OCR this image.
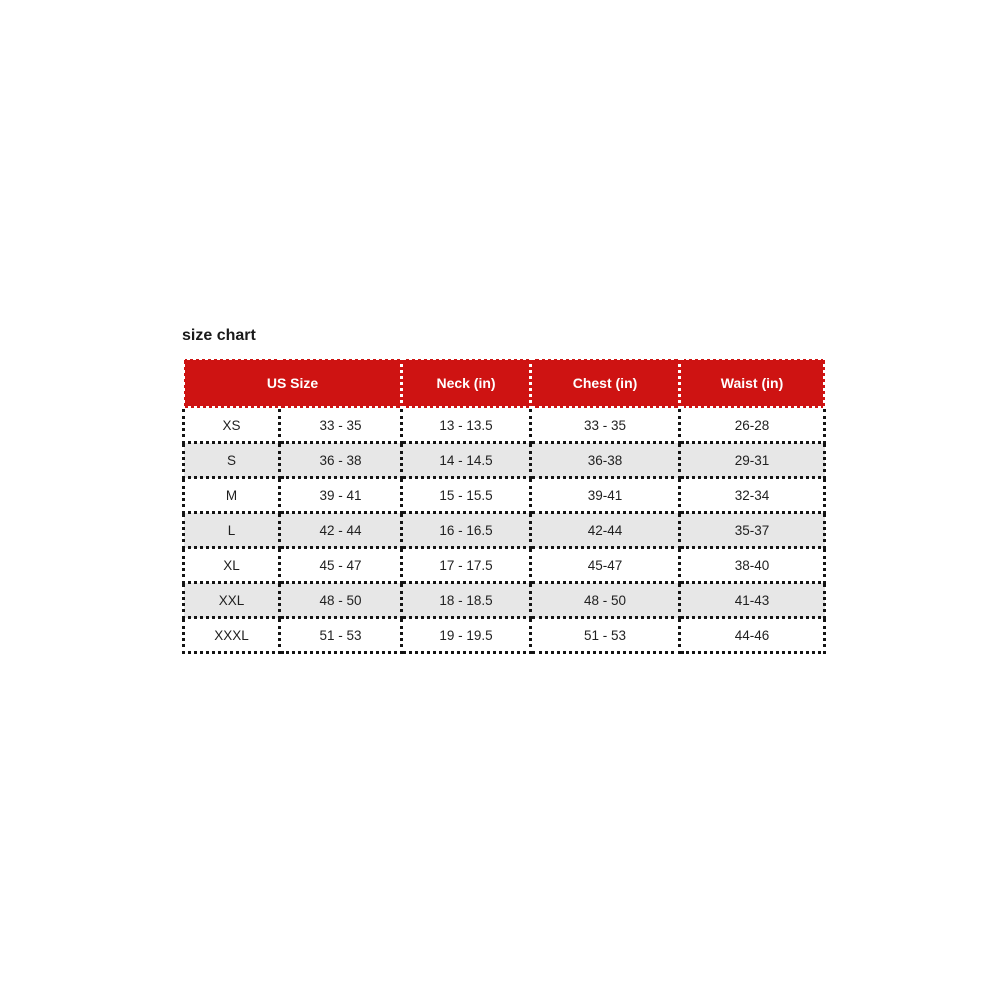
size chart
US Size		Neck (in)	Chest (in)	Waist (in)
XS	33 - 35	13 - 13.5	33 - 35	26-28
S	36 - 38	14 - 14.5	36-38	29-31
M	39 - 41	15 - 15.5	39-41	32-34
L	42 - 44	16 - 16.5	42-44	35-37
XL	45 - 47	17 - 17.5	45-47	38-40
XXL	48 - 50	18 - 18.5	48 - 50	41-43
XXXL	51 - 53	19 - 19.5	51 - 53	44-46
